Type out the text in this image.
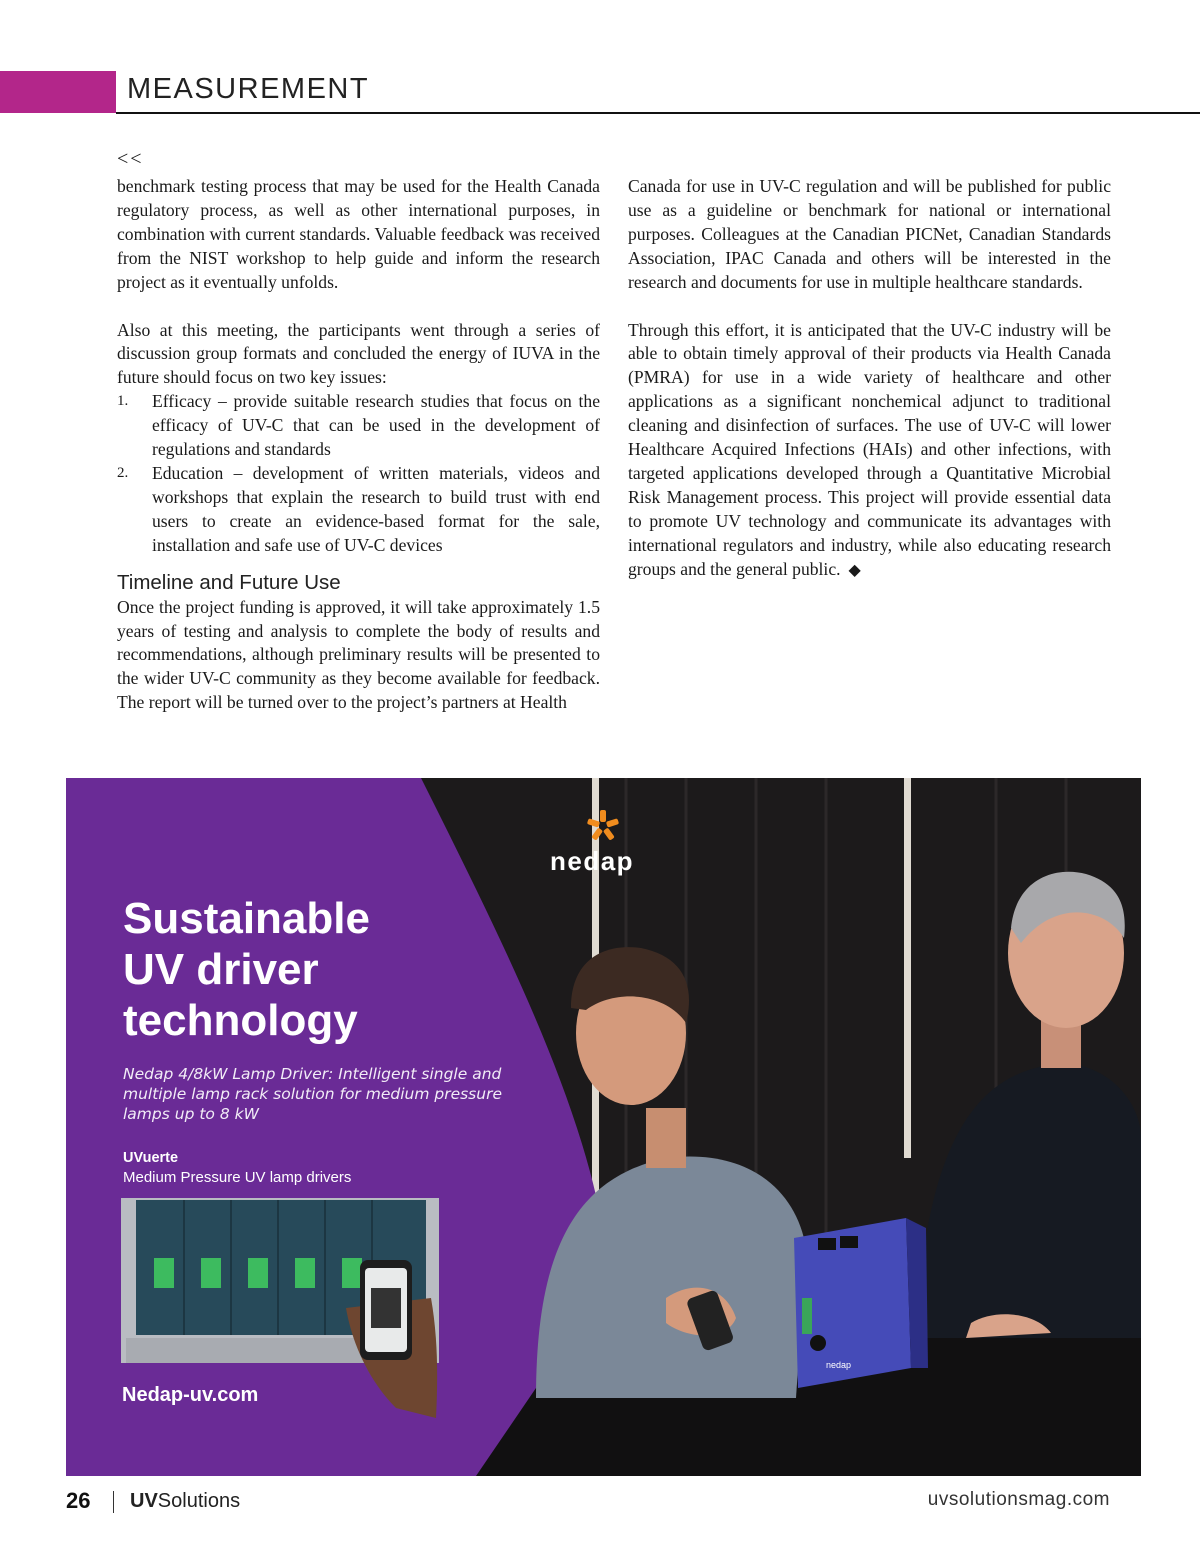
MEASUREMENT
<<

benchmark testing process that may be used for the Health Canada regulatory process, as well as other international purposes, in combination with current standards. Valuable feedback was received from the NIST workshop to help guide and inform the research project as it eventually unfolds.

Also at this meeting, the participants went through a series of discussion group formats and concluded the energy of IUVA in the future should focus on two key issues:

1. Efficacy – provide suitable research studies that focus on the efficacy of UV-C that can be used in the development of regulations and standards
2. Education – development of written materials, videos and workshops that explain the research to build trust with end users to create an evidence-based format for the sale, installation and safe use of UV-C devices
Timeline and Future Use

Once the project funding is approved, it will take approximately 1.5 years of testing and analysis to complete the body of results and recommendations, although preliminary results will be presented to the wider UV-C community as they become available for feedback. The report will be turned over to the project’s partners at Health

Canada for use in UV-C regulation and will be published for public use as a guideline or benchmark for national or international purposes. Colleagues at the Canadian PICNet, Canadian Standards Association, IPAC Canada and others will be interested in the research and documents for use in multiple healthcare standards.

Through this effort, it is anticipated that the UV-C industry will be able to obtain timely approval of their products via Health Canada (PMRA) for use in a wide variety of healthcare and other applications as a significant nonchemical adjunct to traditional cleaning and disinfection of surfaces. The use of UV-C will lower Healthcare Acquired Infections (HAIs) and other infections, with targeted applications developed through a Quantitative Microbial Risk Management process. This project will provide essential data to promote UV technology and communicate its advantages with international regulators and industry, while also educating research groups and the general public. ◆

nedap
nedap
Sustainable
UV driver
technology
Nedap 4/8kW Lamp Driver: Intelligent single and multiple lamp rack solution for medium pressure lamps up to 8 kW
UVuerte
Medium Pressure UV lamp drivers
Nedap-uv.com
26 UVSolutions	uvsolutionsmag.com
